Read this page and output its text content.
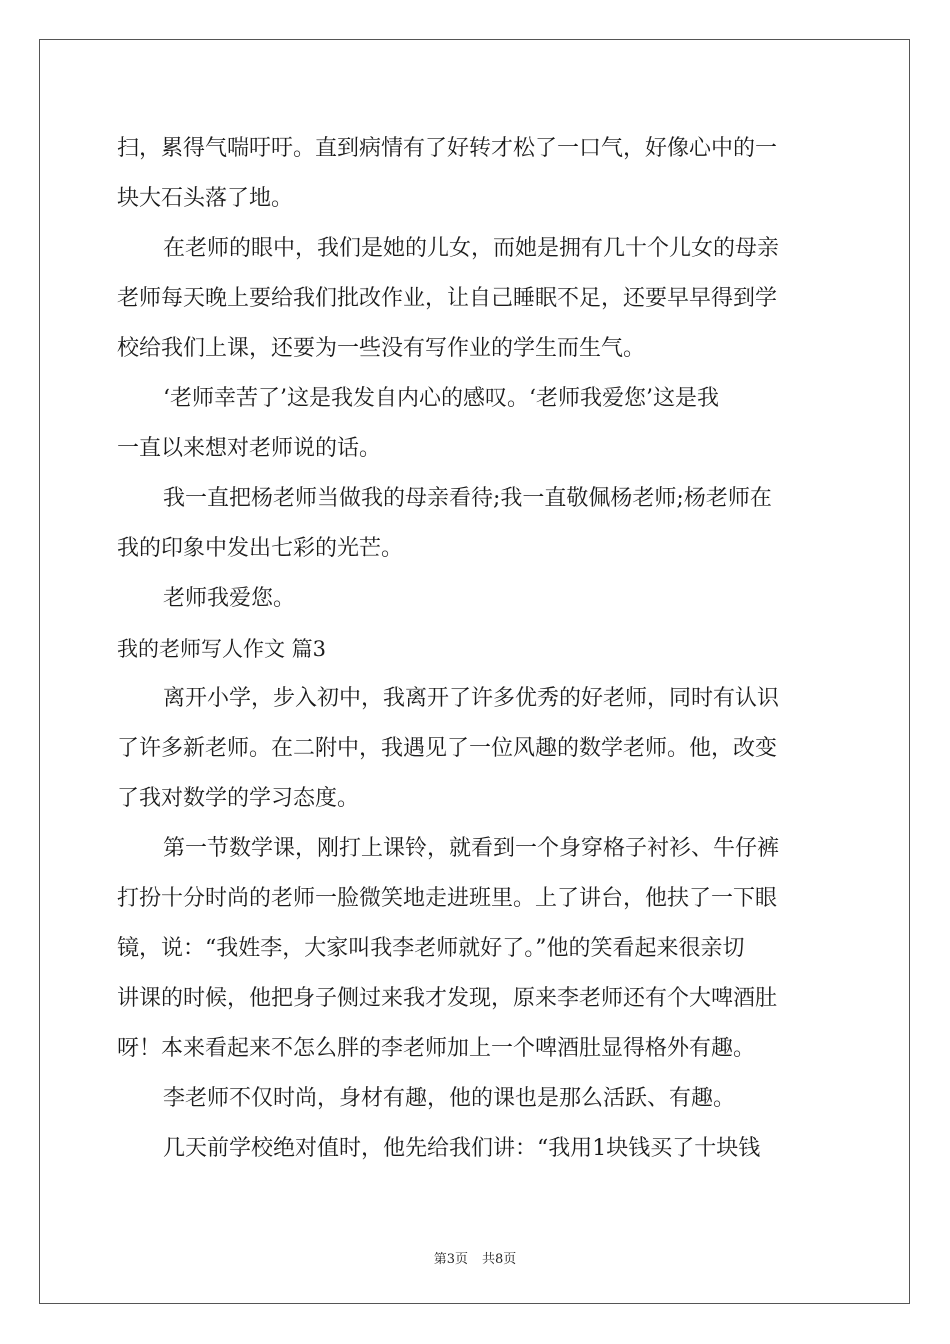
扫，累得气喘吁吁。直到病情有了好转才松了一口气，好像心中的一

块大石头落了地。

在老师的眼中，我们是她的儿女，而她是拥有几十个儿女的母亲

老师每天晚上要给我们批改作业，让自己睡眠不足，还要早早得到学

校给我们上课，还要为一些没有写作业的学生而生气。

‘老师幸苦了’这是我发自内心的感叹。‘老师我爱您’这是我

一直以来想对老师说的话。

我一直把杨老师当做我的母亲看待;我一直敬佩杨老师;杨老师在

我的印象中发出七彩的光芒。

老师我爱您。

我的老师写人作文 篇3

离开小学，步入初中，我离开了许多优秀的好老师，同时有认识

了许多新老师。在二附中，我遇见了一位风趣的数学老师。他，改变

了我对数学的学习态度。

第一节数学课，刚打上课铃，就看到一个身穿格子衬衫、牛仔裤

打扮十分时尚的老师一脸微笑地走进班里。上了讲台，他扶了一下眼

镜，说：“我姓李，大家叫我李老师就好了。”他的笑看起来很亲切

讲课的时候，他把身子侧过来我才发现，原来李老师还有个大啤酒肚

呀！本来看起来不怎么胖的李老师加上一个啤酒肚显得格外有趣。

李老师不仅时尚，身材有趣，他的课也是那么活跃、有趣。

几天前学校绝对值时，他先给我们讲：“我用1块钱买了十块钱

第3页 共8页
